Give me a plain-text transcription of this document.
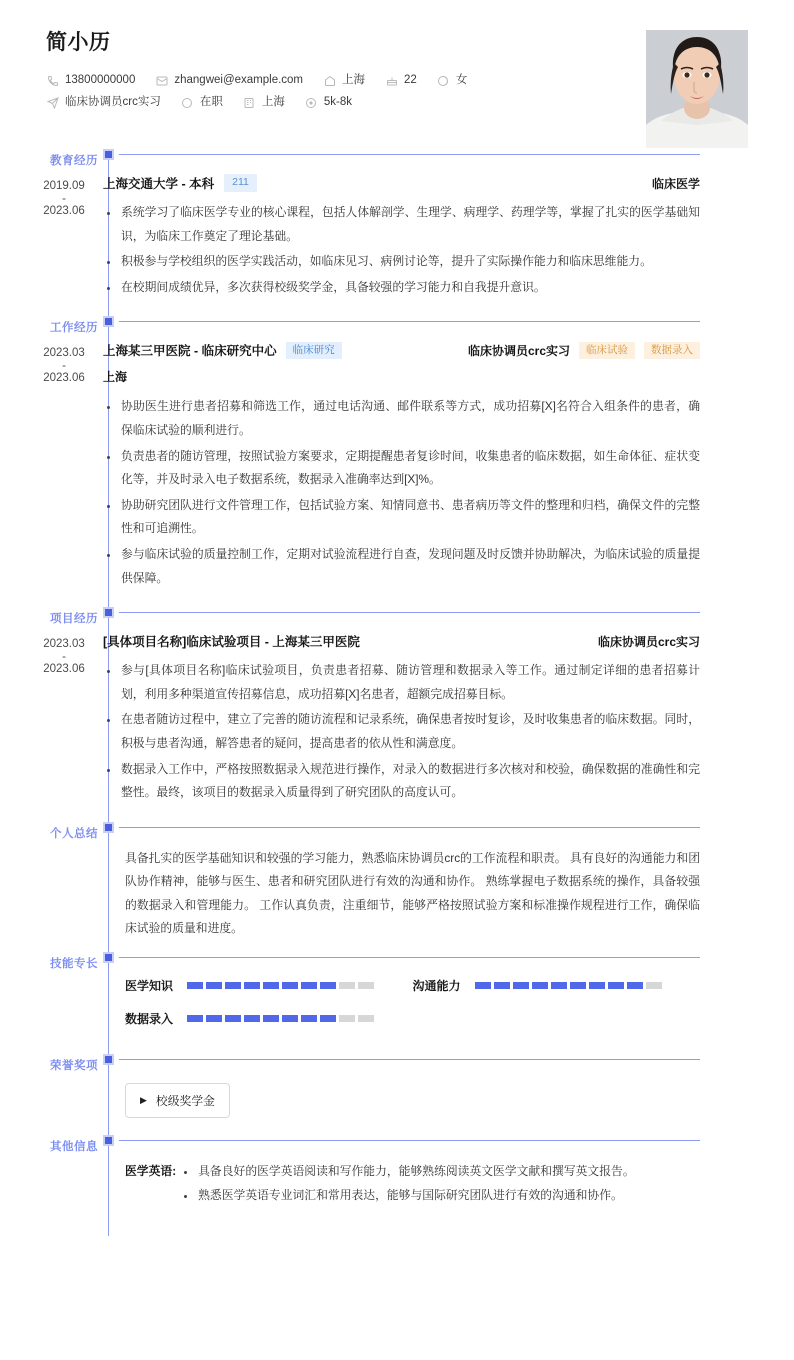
简小历
13800000000	zhangwei@example.com	上海	22	女
临床协调员crc实习	在职	上海	5k-8k
教育经历
2019.09
-
2023.06
上海交通大学 - 本科	211	临床医学
系统学习了临床医学专业的核心课程，包括人体解剖学、生理学、病理学、药理学等，掌握了扎实的医学基础知识，为临床工作奠定了理论基础。
积极参与学校组织的医学实践活动，如临床见习、病例讨论等，提升了实际操作能力和临床思维能力。
在校期间成绩优异，多次获得校级奖学金，具备较强的学习能力和自我提升意识。
工作经历
2023.03
-
2023.06
上海某三甲医院 - 临床研究中心	临床研究	临床协调员crc实习	临床试验	数据录入
上海
协助医生进行患者招募和筛选工作，通过电话沟通、邮件联系等方式，成功招募[X]名符合入组条件的患者，确保临床试验的顺利进行。
负责患者的随访管理，按照试验方案要求，定期提醒患者复诊时间，收集患者的临床数据，如生命体征、症状变化等，并及时录入电子数据系统，数据录入准确率达到[X]%。
协助研究团队进行文件管理工作，包括试验方案、知情同意书、患者病历等文件的整理和归档，确保文件的完整性和可追溯性。
参与临床试验的质量控制工作，定期对试验流程进行自查，发现问题及时反馈并协助解决，为临床试验的质量提供保障。
项目经历
2023.03
-
2023.06
[具体项目名称]临床试验项目 - 上海某三甲医院	临床协调员crc实习
参与[具体项目名称]临床试验项目，负责患者招募、随访管理和数据录入等工作。通过制定详细的患者招募计划，利用多种渠道宣传招募信息，成功招募[X]名患者，超额完成招募目标。
在患者随访过程中，建立了完善的随访流程和记录系统，确保患者按时复诊，及时收集患者的临床数据。同时，积极与患者沟通，解答患者的疑问，提高患者的依从性和满意度。
数据录入工作中，严格按照数据录入规范进行操作，对录入的数据进行多次核对和校验，确保数据的准确性和完整性。最终，该项目的数据录入质量得到了研究团队的高度认可。
个人总结

具备扎实的医学基础知识和较强的学习能力，熟悉临床协调员crc的工作流程和职责。 具有良好的沟通能力和团队协作精神，能够与医生、患者和研究团队进行有效的沟通和协作。 熟练掌握电子数据系统的操作，具备较强的数据录入和管理能力。 工作认真负责，注重细节，能够严格按照试验方案和标准操作规程进行工作，确保临床试验的质量和进度。

技能专长
医学知识	沟通能力
数据录入
荣誉奖项
▶ 校级奖学金
其他信息
医学英语:	具备良好的医学英语阅读和写作能力，能够熟练阅读英文医学文献和撰写英文报告。
熟悉医学英语专业词汇和常用表达，能够与国际研究团队进行有效的沟通和协作。
